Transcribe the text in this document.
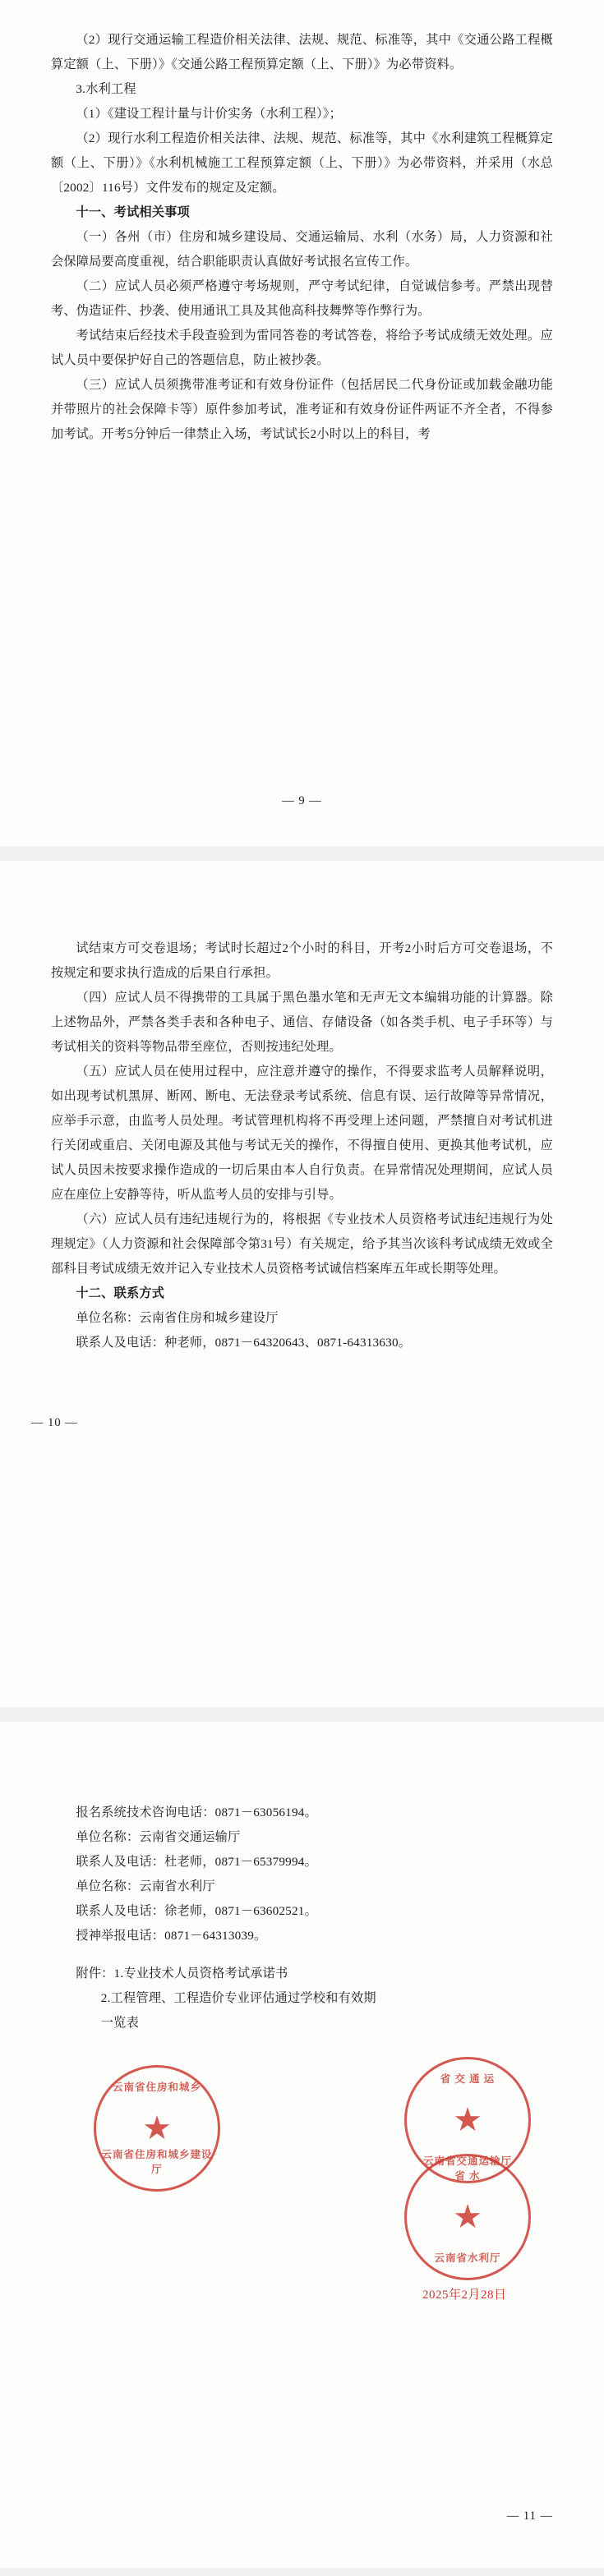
（2）现行交通运输工程造价相关法律、法规、规范、标准等，其中《交通公路工程概算定额（上、下册）》《交通公路工程预算定额（上、下册）》为必带资料。

3.水利工程

（1）《建设工程计量与计价实务（水利工程）》；

（2）现行水利工程造价相关法律、法规、规范、标准等，其中《水利建筑工程概算定额（上、下册）》《水利机械施工工程预算定额（上、下册）》为必带资料，并采用（水总〔2002〕116号）文件发布的规定及定额。

十一、考试相关事项

（一）各州（市）住房和城乡建设局、交通运输局、水利（水务）局，人力资源和社会保障局要高度重视，结合职能职责认真做好考试报名宣传工作。

（二）应试人员必须严格遵守考场规则，严守考试纪律，自觉诚信参考。严禁出现替考、伪造证件、抄袭、使用通讯工具及其他高科技舞弊等作弊行为。

考试结束后经技术手段查验到为雷同答卷的考试答卷，将给予考试成绩无效处理。应试人员中要保护好自己的答题信息，防止被抄袭。

（三）应试人员须携带准考证和有效身份证件（包括居民二代身份证或加载金融功能并带照片的社会保障卡等）原件参加考试，准考证和有效身份证件两证不齐全者，不得参加考试。开考5分钟后一律禁止入场，考试试长2小时以上的科目，考

— 9 —

试结束方可交卷退场；考试时长超过2个小时的科目，开考2小时后方可交卷退场，不按规定和要求执行造成的后果自行承担。

（四）应试人员不得携带的工具属于黑色墨水笔和无声无文本编辑功能的计算器。除上述物品外，严禁各类手表和各种电子、通信、存储设备（如各类手机、电子手环等）与考试相关的资料等物品带至座位，否则按违纪处理。

（五）应试人员在使用过程中，应注意并遵守的操作，不得要求监考人员解释说明，如出现考试机黑屏、断网、断电、无法登录考试系统、信息有误、运行故障等异常情况，应举手示意，由监考人员处理。考试管理机构将不再受理上述问题，严禁擅自对考试机进行关闭或重启、关闭电源及其他与考试无关的操作，不得擅自使用、更换其他考试机，应试人员因未按要求操作造成的一切后果由本人自行负责。在异常情况处理期间，应试人员应在座位上安静等待，听从监考人员的安排与引导。

（六）应试人员有违纪违规行为的，将根据《专业技术人员资格考试违纪违规行为处理规定》（人力资源和社会保障部令第31号）有关规定，给予其当次该科考试成绩无效或全部科目考试成绩无效并记入专业技术人员资格考试诚信档案库五年或长期等处理。

十二、联系方式

单位名称：云南省住房和城乡建设厅

联系人及电话：种老师，0871－64320643、0871-64313630。

— 10 —

报名系统技术咨询电话：0871－63056194。

单位名称：云南省交通运输厅

联系人及电话：杜老师，0871－65379994。

单位名称：云南省水利厅

联系人及电话：徐老师，0871－63602521。

授神举报电话：0871－64313039。

附件：1.专业技术人员资格考试承诺书

2.工程管理、工程造价专业评估通过学校和有效期

一览表

云南省住房和城乡
★
云南省住房和城乡建设厅
省 交 通 运
★
云南省交通运输厅
省 水
★
云南省水利厅
2025年2月28日
— 11 —
